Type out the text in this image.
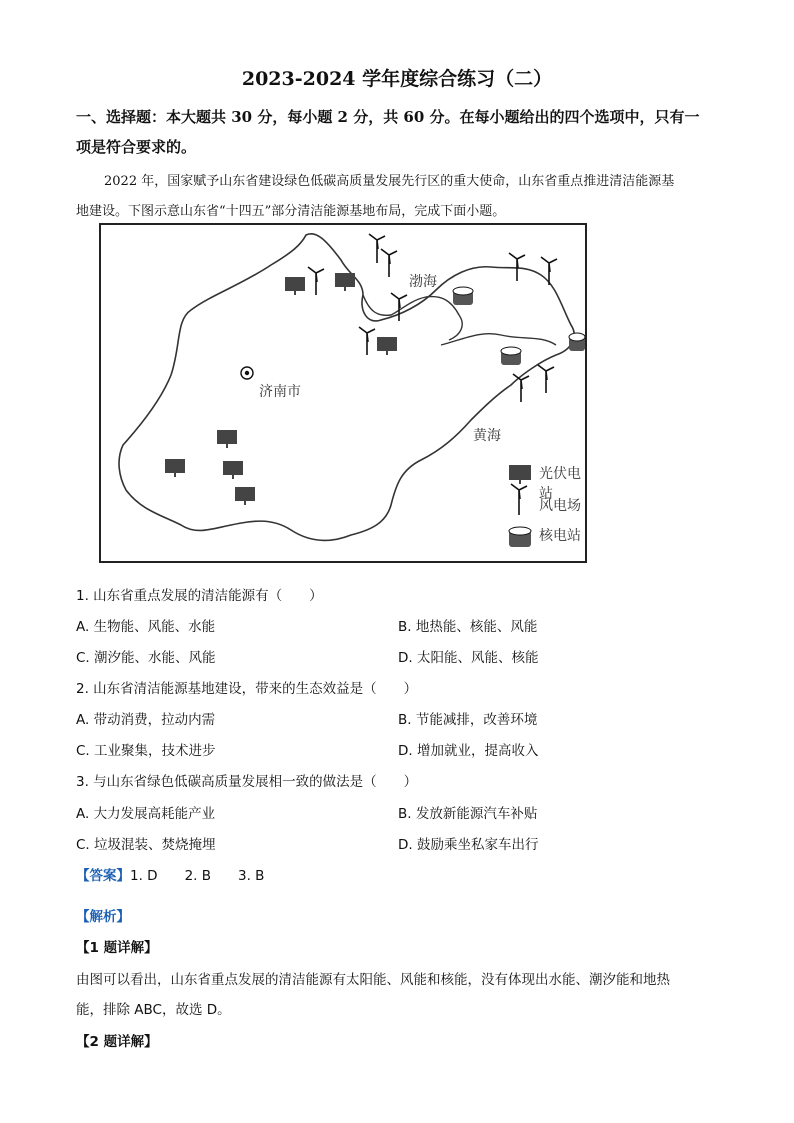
2023-2024 学年度综合练习（二）
一、选择题：本大题共 30 分，每小题 2 分，共 60 分。在每小题给出的四个选项中，只有一
项是符合要求的。
2022 年，国家赋予山东省建设绿色低碳高质量发展先行区的重大使命，山东省重点推进清洁能源基
地建设。下图示意山东省“十四五”部分清洁能源基地布局，完成下面小题。
济南市
渤海
黄海
光伏电站
风电场
核电站
1. 山东省重点发展的清洁能源有（　　）
A. 生物能、风能、水能	B. 地热能、核能、风能
C. 潮汐能、水能、风能	D. 太阳能、风能、核能
2. 山东省清洁能源基地建设，带来的生态效益是（　　）
A. 带动消费，拉动内需	B. 节能减排，改善环境
C. 工业聚集，技术进步	D. 增加就业，提高收入
3. 与山东省绿色低碳高质量发展相一致的做法是（　　）
A. 大力发展高耗能产业	B. 发放新能源汽车补贴
C. 垃圾混装、焚烧掩埋	D. 鼓励乘坐私家车出行
【答案】1. D　　2. B　　3. B
【解析】
【1 题详解】
由图可以看出，山东省重点发展的清洁能源有太阳能、风能和核能，没有体现出水能、潮汐能和地热
能，排除 ABC，故选 D。
【2 题详解】
